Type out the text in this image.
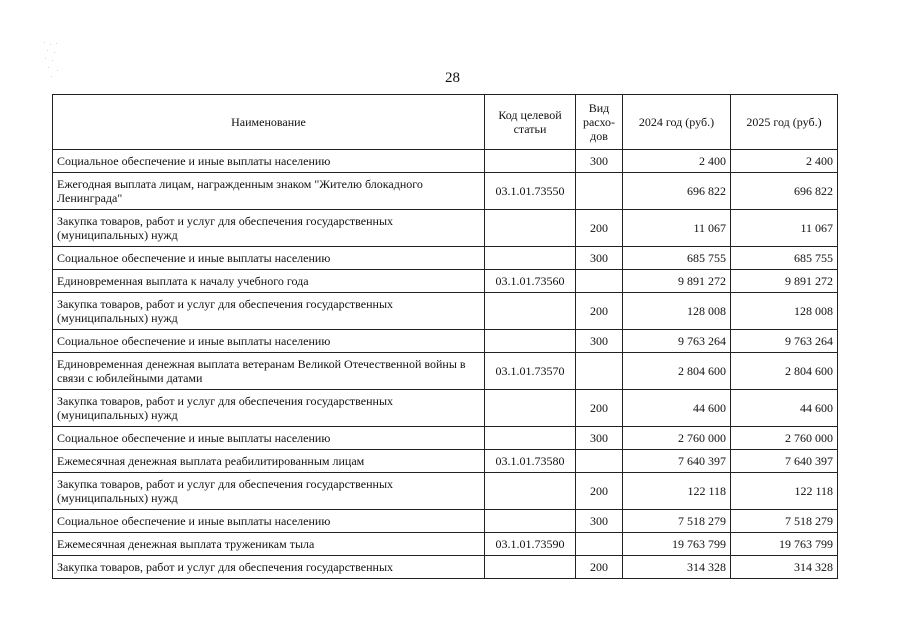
28
Наименование	Код целевой статьи	Вид расхо-дов	2024 год (руб.)	2025 год (руб.)
Социальное обеспечение и иные выплаты населению		300	2 400	2 400
Ежегодная выплата лицам, награжденным знаком "Жителю блокадного Ленинграда"	03.1.01.73550		696 822	696 822
Закупка товаров, работ и услуг для обеспечения государственных (муниципальных) нужд		200	11 067	11 067
Социальное обеспечение и иные выплаты населению		300	685 755	685 755
Единовременная выплата к началу учебного года	03.1.01.73560		9 891 272	9 891 272
Закупка товаров, работ и услуг для обеспечения государственных (муниципальных) нужд		200	128 008	128 008
Социальное обеспечение и иные выплаты населению		300	9 763 264	9 763 264
Единовременная денежная выплата ветеранам Великой Отечественной войны в связи с юбилейными датами	03.1.01.73570		2 804 600	2 804 600
Закупка товаров, работ и услуг для обеспечения государственных (муниципальных) нужд		200	44 600	44 600
Социальное обеспечение и иные выплаты населению		300	2 760 000	2 760 000
Ежемесячная денежная выплата реабилитированным лицам	03.1.01.73580		7 640 397	7 640 397
Закупка товаров, работ и услуг для обеспечения государственных (муниципальных) нужд		200	122 118	122 118
Социальное обеспечение и иные выплаты населению		300	7 518 279	7 518 279
Ежемесячная денежная выплата труженикам тыла	03.1.01.73590		19 763 799	19 763 799
Закупка товаров, работ и услуг для обеспечения государственных		200	314 328	314 328
